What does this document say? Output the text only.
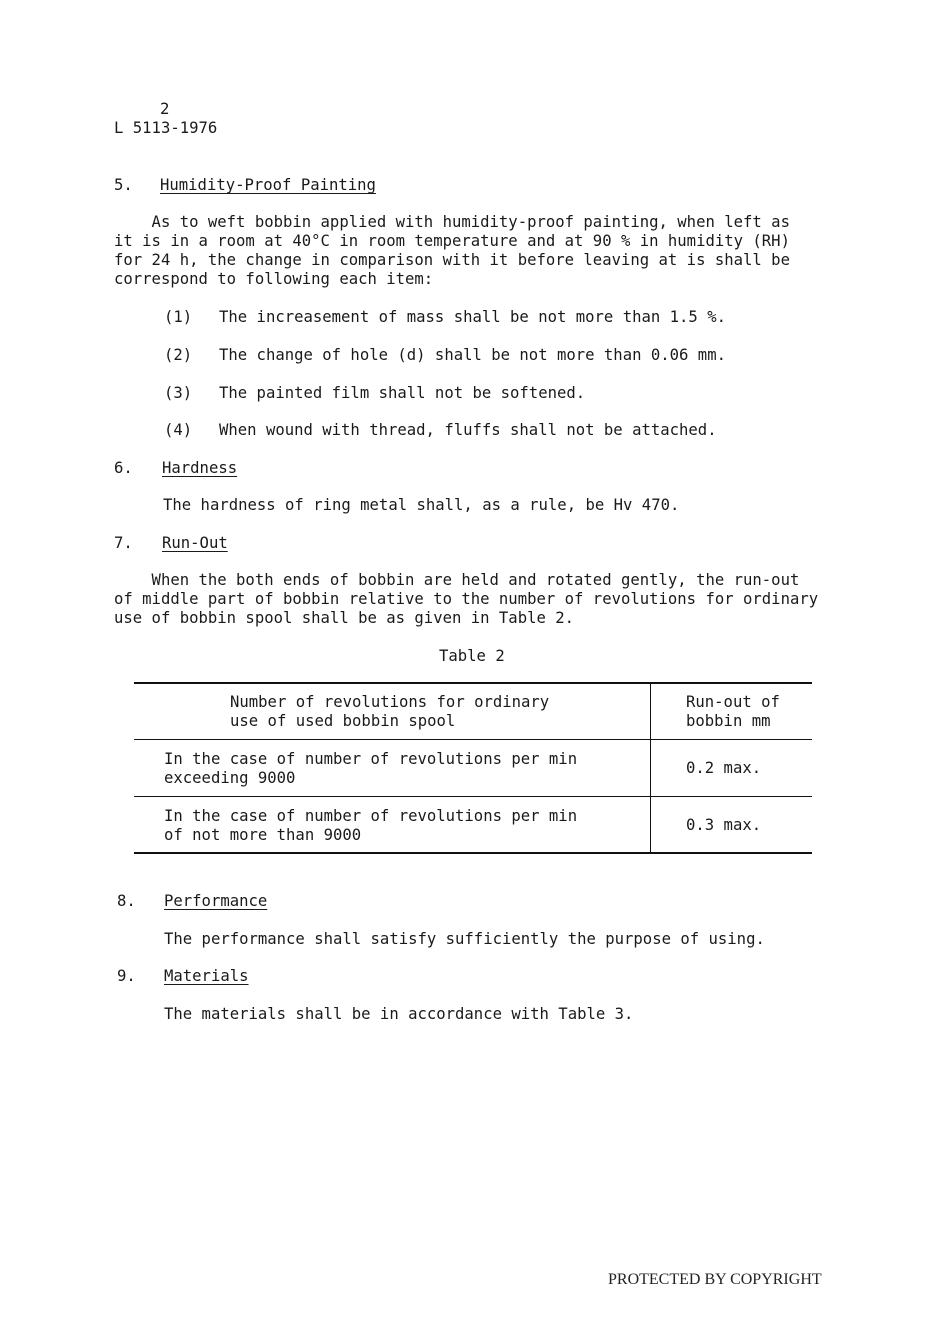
2
L 5113-1976
5. Humidity-Proof Painting
As to weft bobbin applied with humidity-proof painting, when left as
it is in a room at 40°C in room temperature and at 90 % in humidity (RH)
for 24 h, the change in comparison with it before leaving at is shall be
correspond to following each item:
(1) The increasement of mass shall be not more than 1.5 %.
(2) The change of hole (d) shall be not more than 0.06 mm.
(3) The painted film shall not be softened.
(4) When wound with thread, fluffs shall not be attached.
6. Hardness
The hardness of ring metal shall, as a rule, be Hv 470.
7. Run-Out
When the both ends of bobbin are held and rotated gently, the run-out
of middle part of bobbin relative to the number of revolutions for ordinary
use of bobbin spool shall be as given in Table 2.
Table 2
Number of revolutions for ordinary
use of used bobbin spool
Run-out of
bobbin mm
In the case of number of revolutions per min
exceeding 9000
0.2 max.
In the case of number of revolutions per min
of not more than 9000
0.3 max.
8. Performance
The performance shall satisfy sufficiently the purpose of using.
9. Materials
The materials shall be in accordance with Table 3.
PROTECTED BY COPYRIGHT
